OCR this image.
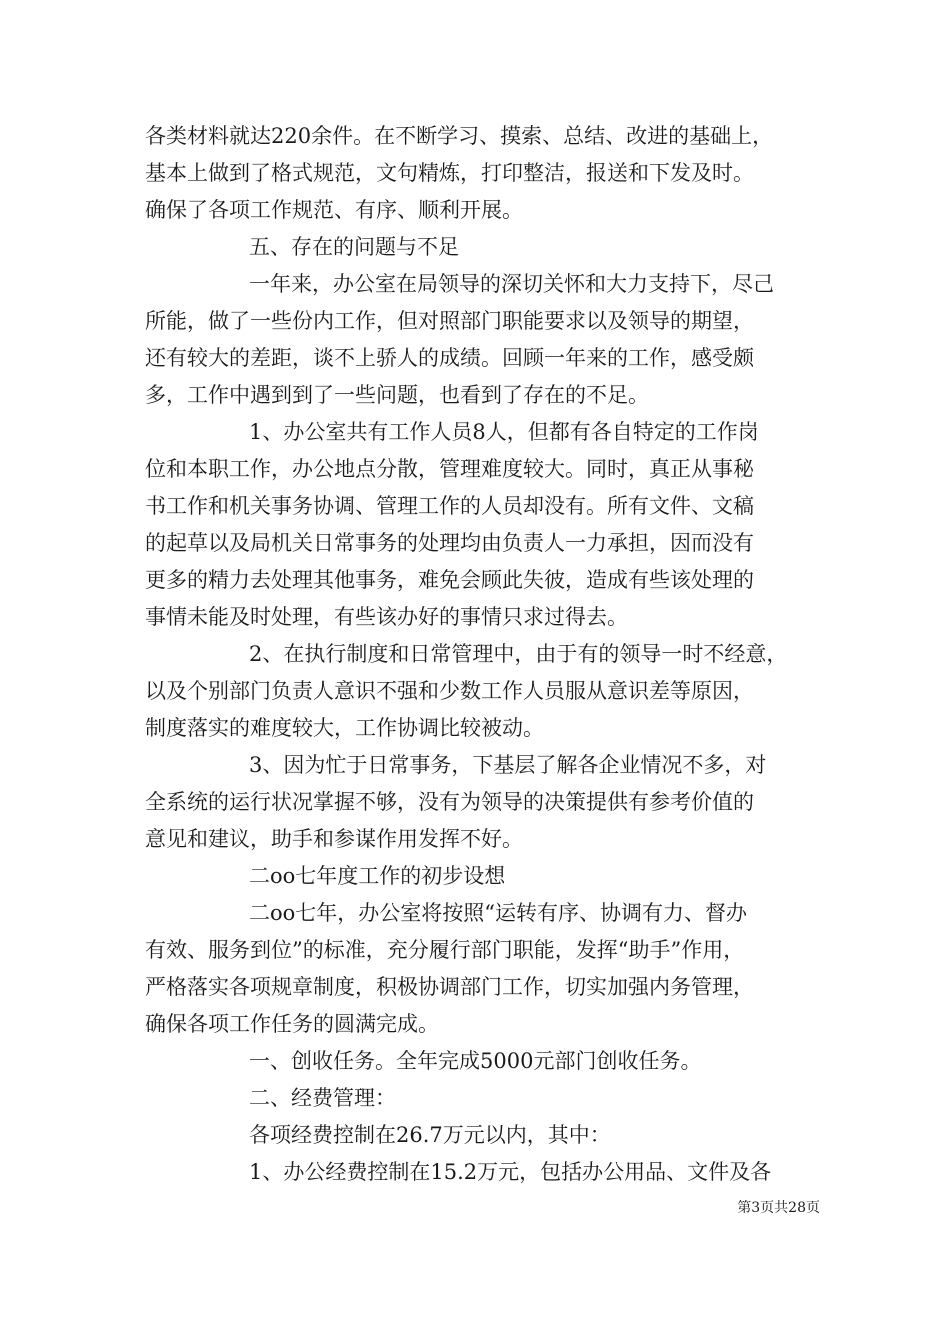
各类材料就达220余件。在不断学习、摸索、总结、改进的基础上，
基本上做到了格式规范，文句精炼，打印整洁，报送和下发及时。
确保了各项工作规范、有序、顺利开展。
五、存在的问题与不足
一年来，办公室在局领导的深切关怀和大力支持下，尽己
所能，做了一些份内工作，但对照部门职能要求以及领导的期望，
还有较大的差距，谈不上骄人的成绩。回顾一年来的工作，感受颇
多，工作中遇到到了一些问题，也看到了存在的不足。
1、办公室共有工作人员8人，但都有各自特定的工作岗
位和本职工作，办公地点分散，管理难度较大。同时，真正从事秘
书工作和机关事务协调、管理工作的人员却没有。所有文件、文稿
的起草以及局机关日常事务的处理均由负责人一力承担，因而没有
更多的精力去处理其他事务，难免会顾此失彼，造成有些该处理的
事情未能及时处理，有些该办好的事情只求过得去。
2、在执行制度和日常管理中，由于有的领导一时不经意，
以及个别部门负责人意识不强和少数工作人员服从意识差等原因，
制度落实的难度较大，工作协调比较被动。
3、因为忙于日常事务，下基层了解各企业情况不多，对
全系统的运行状况掌握不够，没有为领导的决策提供有参考价值的
意见和建议，助手和参谋作用发挥不好。
二oo七年度工作的初步设想
二oo七年，办公室将按照“运转有序、协调有力、督办
有效、服务到位”的标准，充分履行部门职能，发挥“助手”作用，
严格落实各项规章制度，积极协调部门工作，切实加强内务管理，
确保各项工作任务的圆满完成。
一、创收任务。全年完成5000元部门创收任务。
二、经费管理：
各项经费控制在26.7万元以内，其中：
1、办公经费控制在15.2万元，包括办公用品、文件及各
第3页共28页
